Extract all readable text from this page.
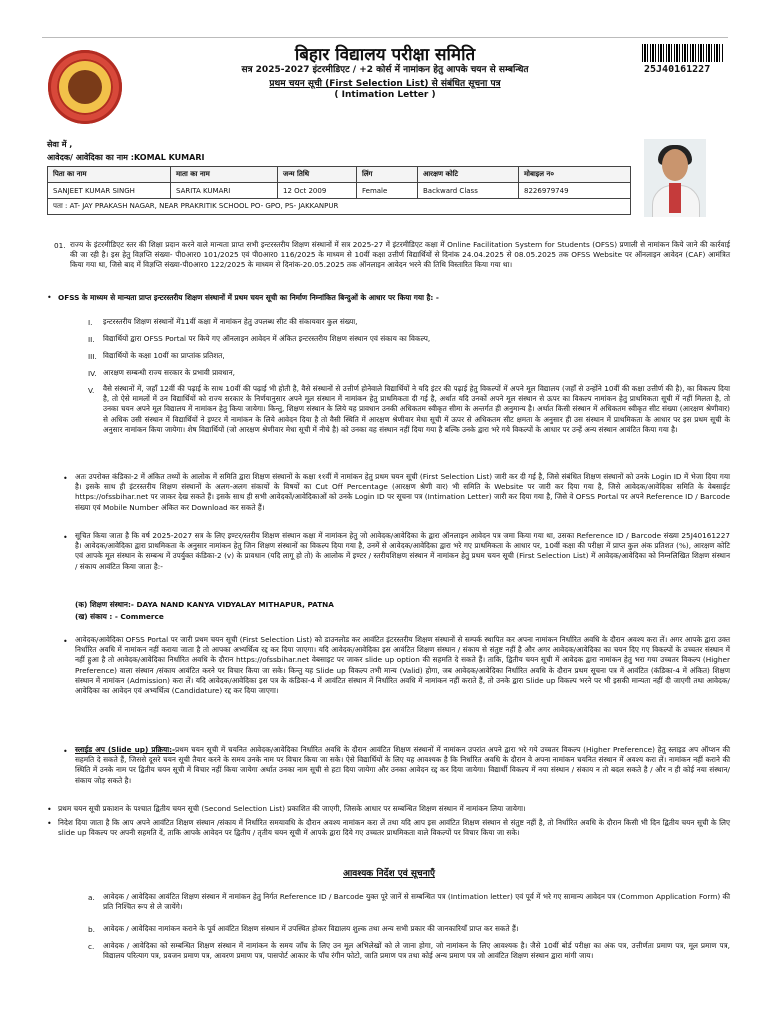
बिहार विद्यालय परीक्षा समिति
सत्र 2025-2027 इंटरमीडिएट / +2 कोर्स में नामांकन हेतु आपके चयन से सम्बन्धित
प्रथम चयन सूची (First Selection List) से संबंधित सूचना पत्र
( Intimation Letter )
25J40161227
सेवा में ,
आवेदक/ आवेदिका का नाम :KOMAL KUMARI
पिता का नाम	माता का नाम	जन्म तिथि	लिंग	आरक्षण कोटि	मोबाइल न०
SANJEET KUMAR SINGH	SARITA KUMARI	12 Oct 2009	Female	Backward Class	8226979749
पता : AT- JAY PRAKASH NAGAR, NEAR PRAKRITIK SCHOOL PO- GPO, PS- JAKKANPUR					
01. राज्य के इंटरमीडिएट स्तर की शिक्षा प्रदान करने वाले मान्यता प्राप्त सभी इन्टरस्तरीय शिक्षण संस्थानों में सत्र 2025-27 में इंटरमीडिएट कक्षा में Online Facilitation System for Students (OFSS) प्रणाली से नामांकन किये जाने की कार्रवाई की जा रही है। इस हेतु विज्ञप्ति संख्या- पी0आर0 101/2025 एवं पी0आर0 116/2025 के माध्यम से 10वीं कक्षा उत्तीर्ण विद्यार्थियों से दिनांक 24.04.2025 से 08.05.2025 तक OFSS Website पर ऑनलाइन आवेदन (CAF) आमंत्रित किया गया था, जिसे बाद में विज्ञप्ति संख्या-पी0आर0 122/2025 के माध्यम से दिनांक-20.05.2025 तक ऑनलाइन आवेदन भरने की तिथि विस्तारित किया गया था।
• OFSS के माध्यम से मान्यता प्राप्त इन्टरस्तरीय शिक्षण संस्थानों में प्रथम चयन सूची का निर्माण निम्नांकित बिन्दुओं के आधार पर किया गया है: -
I. इन्टरस्तरीय शिक्षण संस्थानों में11वीं कक्षा में नामांकन हेतु उपलब्ध सीट की संकायवार कुल संख्या,
II. विद्यार्थियों द्वारा OFSS Portal पर किये गए ऑनलाइन आवेदन में अंकित इन्टरस्तरीय शिक्षण संस्थान एवं संकाय का विकल्प,
III. विद्यार्थियों के कक्षा 10वीं का प्राप्तांक प्रतिशत,
IV. आरक्षण सम्बन्धी राज्य सरकार के प्रभावी प्रावधान,
V. वैसे संस्थानों में, जहाँ 12वीं की पढ़ाई के साथ 10वीं की पढ़ाई भी होती है, वैसे संस्थानों से उत्तीर्ण होनेवाले विद्यार्थियों ने यदि इंटर की पढ़ाई हेतु विकल्पों में अपने मूल विद्यालय (जहाँ से उन्होंने 10वीं की कक्षा उत्तीर्ण की है), का विकल्प दिया है, तो ऐसे मामलों में उन विद्यार्थियों को राज्य सरकार के निर्णयानुसार अपने मूल संस्थान में नामांकन हेतु प्राथमिकता दी गई है, अर्थात यदि उनकों अपने मूल संस्थान से ऊपर का विकल्प नामांकन हेतु प्राथमिकता सूची में नहीं मिलता है, तो उनका चयन अपने मूल विद्यालय में नामांकन हेतु किया जायेगा। किन्तु, शिक्षण संस्थान के लिये यह प्रावधान उनकी अधिकतम स्वीकृत सीमा के अन्तर्गत ही अनुमान्य है। अर्थात किसी संस्थान में अधिकतम स्वीकृत सीट संख्या (आरक्षण श्रेणीवार) से अधिक उसी संस्थान में विद्यार्थियों ने इण्टर में नामांकन के लिये आवेदन दिया है तो वैसी स्थिति में आरक्षण श्रेणीवार मेधा सूची में ऊपर से अधिकतम सीट क्षमता के अनुसार ही उस संस्थान में प्राथमिकता के आधार पर इस प्रथम सूची के अनुसार नामांकन किया जायेगा। शेष विद्यार्थियों (जो आरक्षण श्रेणीवार मेधा सूची में नीचे है) को उनका वह संस्थान नहीं दिया गया है बल्कि उनके द्वारा भरे गये विकल्पों के आधार पर उन्हें अन्य संस्थान आवंटित किया गया है।
• अतः उपरोक्त कंडिका-2 में अंकित तथ्यों के आलोक में समिति द्वारा शिक्षण संस्थानों के कक्षा ११वीं में नामांकन हेतु प्रथम चयन सूची (First Selection List) जारी कर दी गई है, जिसे संबंधित शिक्षण संस्थानों को उनके Login ID में भेजा दिया गया है। इसके साथ ही इंटरस्तरीय शिक्षण संस्थानों के अलग-अलग संकायों के विषयों का Cut Off Percentage (आरक्षण श्रेणी वार) भी समिति के Website पर जारी कर दिया गया है, जिसे आवेदक/आवेदिका समिति के वेबसाईट https://ofssbihar.net पर जाकर देख सकते हैं। इसके साथ ही सभी आवेदकों/आवेदिकाओं को उनके Login ID पर सूचना पत्र (Intimation Letter) जारी कर दिया गया है, जिसे वे OFSS Portal पर अपने Reference ID / Barcode संख्या एवं Mobile Number अंकित कर Download कर सकते हैं।
• सूचित किया जाता है कि वर्ष 2025-2027 सत्र के लिए इण्टर/स्तरीय शिक्षण संस्थान कक्षा में नामांकन हेतु जो आवेदक/आवेदिका के द्वारा ऑनलाइन आवेदन पत्र जमा किया गया था, उसका Reference ID / Barcode संख्या 25J40161227 है। आवेदक/आवेदिका द्वारा प्राथमिकता के अनुसार नामांकन हेतु जिन शिक्षण संस्थानों का विकल्प दिया गया है, उनमें से आवेदक/आवेदिका द्वारा भरे गए प्राथमिकता के आधार पर, 10वीं कक्षा की परीक्षा में प्राप्त कुल अंक प्रतिशत (%), आरक्षण कोटि एवं आपके मूल संस्थान के सम्बन्ध में उपर्युक्त कंडिका-2 (v) के प्रावधान (यदि लागू हो तो) के आलोक में इण्टर / स्तरीयशिक्षण संस्थान में नामांकन हेतु प्रथम चयन सूची (First Selection List) में आवेदक/आवेदिका को निम्नलिखित शिक्षण संस्थान / संकाय आवंटित किया जाता है:-
(क) शिक्षण संस्थान:- DAYA NAND KANYA VIDYALAY MITHAPUR, PATNA
(ख) संकाय : - Commerce
• आवेदक/आवेदिका OFSS Portal पर जारी प्रथम चयन सूची (First Selection List) को डाउनलोड कर आवंटित इंटरस्तरीय शिक्षण संस्थानों से सम्पर्क स्थापित कर अपना नामांकन निर्धारित अवधि के दौरान अवश्य करा लें। अगर आपके द्वारा उक्त निर्धारित अवधि में नामांकन नहीं कराया जाता है तो आपका अभ्यर्थित्व रद्द कर दिया जाएगा। यदि आवेदक/आवेदिका इस आवंटित शिक्षण संस्थान / संकाय से संतुष्ट नहीं है और अगर आवेदक/आवेदिका का चयन दिए गए विकल्पों के उच्चतर संस्थान में नहीं हुआ है तो आवेदक/आवेदिका निर्धारित अवधि के दौरान https://ofssbihar.net वेबसाइट पर जाकर slide up option की सहमति दे सकते हैं। ताकि, द्वितीय चयन सूची में आवेदक द्वारा नामांकन हेतु भरा गया उच्चतर विकल्प (Higher Preference) वाला संस्थान /संकाय आवंटित करने पर विचार किया जा सके। किन्तु यह Slide up विकल्प तभी मान्य (Valid) होगा, जब आवेदक/आवेदिका निर्धारित अवधि के दौरान प्रथम सूचना पत्र में आवंटित (कंडिका-4 में अंकित) शिक्षण संस्थान में नामांकन (Admission) करा लें। यदि आवेदक/आवेदिका इस पत्र के कंडिका-4 में आवंटित संस्थान में निर्धारित अवधि में नामांकन नहीं कराते हैं, तो उनके द्वारा Slide up विकल्प भरने पर भी इसकी मान्यता नहीं दी जाएगी तथा आवेदक/आवेदिका का आवेदन एवं अभ्यर्थित्व (Candidature) रद्द कर दिया जाएगा।
• स्लाईड अप (Slide up) प्रक्रिया:-प्रथम चयन सूची में चयनित आवेदक/आवेदिका निर्धारित अवधि के दौरान आवंटित शिक्षण संस्थानों में नामांकन उपरांत अपने द्वारा भरे गये उच्चतर विकल्प (Higher Preference) हेतु स्लाइड अप ऑप्शन की सहमति दे सकते हैं, जिससे दूसरे चयन सूची तैयार करने के समय उनके नाम पर विचार किया जा सके। ऐसे विद्यार्थियों के लिए यह आवश्यक है कि निर्धारित अवधि के दौरान वे अपना नामांकन चयनित संस्थान में अवश्य करा लें। नामांकन नहीं कराने की स्थिति में उनके नाम पर द्वितीय चयन सूची में विचार नहीं किया जायेगा अर्थात उनका नाम सूची से हटा दिया जायेगा और उनका आवेदन रद्द कर दिया जायेगा। विद्यार्थी विकल्प में नया संस्थान / संकाय न तो बदल सकते है / और न ही कोई नया संस्थान/संकाय जोड़ सकते है।
• प्रथम चयन सूची प्रकाशन के पश्चात द्वितीय चयन सूची (Second Selection List) प्रकाशित की जाएगी, जिसके आधार पर सम्बन्धित शिक्षण संस्थान में नामांकन लिया जायेगा।
• निदेश दिया जाता है कि आप अपने आवंटित शिक्षण संस्थान /संकाय में निर्धारित समयावधि के दौरान अवश्य नामांकन करा लें तथा यदि आप इस आवंटित शिक्षण संस्थान से संतुष्ट नहीं है, तो निर्धारित अवधि के दौरान किसी भी दिन द्वितीय चयन सूची के लिए slide up विकल्प पर अपनी सहमति दें, ताकि आपके आवेदन पर द्वितीय / तृतीय चयन सूची में आपके द्वारा दिये गए उच्चतर प्राथमिकता वाले विकल्पों पर विचार किया जा सके।
आवश्यक निर्देश एवं सूचनाएँ
a. आवेदक / आवेदिका आवंटित शिक्षण संस्थान में नामांकन हेतु निर्गत Reference ID / Barcode युक्त पूरे जानें से सम्बन्धित पत्र (Intimation letter) एवं पूर्व में भरे गए सामान्य आवेदन पत्र (Common Application Form) की प्रति निश्चित रूप से ले जायेंगे।
b. आवेदक / आवेदिका नामांकन कराने के पूर्व आवंटित शिक्षण संस्थान में उपस्थित होकर विद्यालय शुल्क तथा अन्य सभी प्रकार की जानकारियाँ प्राप्त कर सकते हैं।
c. आवेदक / आवेदिका को सम्बन्धित शिक्षण संस्थान में नामांकन के समय जाँच के लिए उन मूल अभिलेखों को ले जाना होगा, जो नामांकन के लिए आवश्यक है। जैसे 10वीं बोर्ड परीक्षा का अंक पत्र, उत्तीर्णता प्रमाण पत्र, मूल प्रमाण पत्र, विद्यालय परित्याग पत्र, प्रवजन प्रमाण पत्र, आवरण प्रमाण पत्र, पासपोर्ट आकार के पाँच रंगीन फोटो, जाति प्रमाण पत्र तथा कोई अन्य प्रमाण पत्र जो आवंटित शिक्षण संस्थान द्वारा मांगी जाय।
